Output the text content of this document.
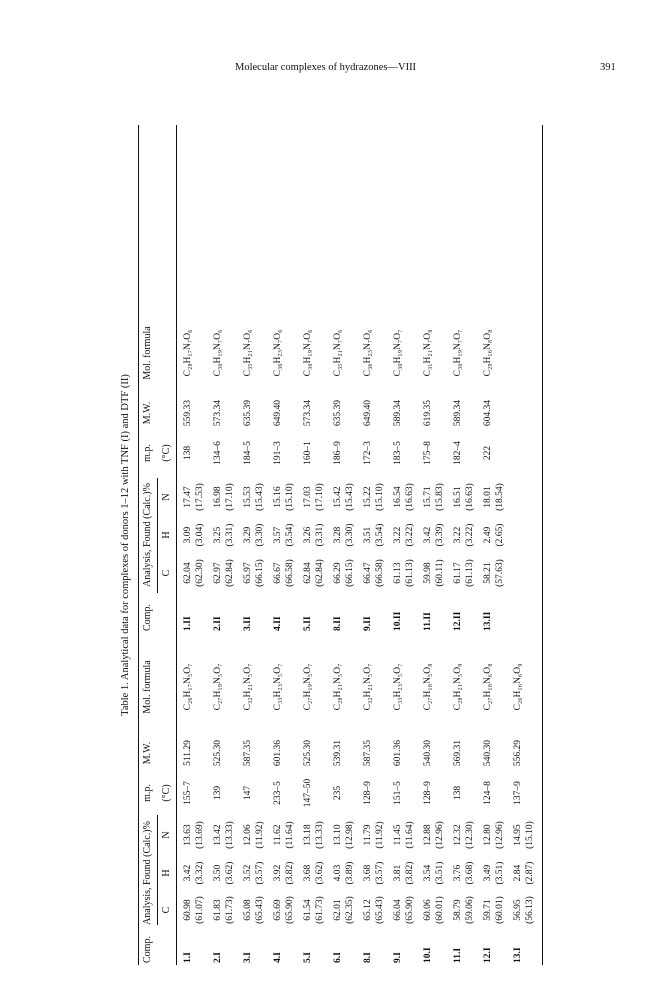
Molecular complexes of hydrazones—VIII	391
Table 1. Analytical data for complexes of donors 1–12 with TNF (I) and DTF (II)
Comp.
Analysis, Found (Calc.)%
m.p.
M.W.
Mol. formula
Comp.
Analysis, Found (Calc.)%
m.p.
M.W.
Mol. formula
C
H
N
(°C)
C
H
N
(°C)
1.I
60.98 (61.07)
3.42 (3.32)
13.63 (13.69)
155–7
511.29
C₂₆H₁₇N₅O₇
2.I
61.83 (61.73)
3.50 (3.62)
13.42 (13.33)
139
525.30
C₂₇H₁₉N₅O₇
3.I
65.08 (65.43)
3.52 (3.57)
12.06 (11.92)
147
587.35
C₃₂H₂₁N₅O₇
4.I
65.69 (65.90)
3.92 (3.82)
11.62 (11.64)
233–5
601.36
C₃₃H₂₃N₅O₇
5.I
61.54 (61.73)
3.68 (3.62)
13.18 (13.33)
147–50
525.30
C₂₇H₁₉N₅O₇
6.I
62.01 (62.35)
4.03 (3.89)
13.10 (12.98)
235
539.31
C₂₈H₂₁N₅O₇
8.I
65.12 (65.43)
3.68 (3.57)
11.79 (11.92)
128–9
587.35
C₃₂H₂₁N₅O₇
9.I
66.04 (65.90)
3.81 (3.82)
11.45 (11.64)
151–5
601.36
C₃₃H₂₃N₅O₇
10.I
60.06 (60.01)
3.54 (3.51)
12.88 (12.96)
128–9
540.30
C₂₇H₁₈N₅O₈
11.I
58.79 (59.06)
3.76 (3.68)
12.32 (12.30)
138
569.31
C₂₈H₂₁N₅O₉
12.I
59.71 (60.01)
3.49 (3.51)
12.80 (12.96)
124–8
540.30
C₂₇H₁₈N₆O₈
13.I
56.95 (56.13)
2.84 (2.87)
14.95 (15.10)
137–9
556.29
C₂₆H₁₆N₆O₉
1.II
62.04 (62.30)
3.09 (3.04)
17.47 (17.53)
138
559.33
C₂₈H₁₇N₇O₆
2.II
62.97 (62.84)
3.25 (3.31)
16.98 (17.10)
134–6
573.34
C₃₀H₁₉N₇O₆
3.II
65.97 (66.15)
3.29 (3.30)
15.53 (15.43)
184–5
635.39
C₃₅H₂₁N₇O₆
4.II
66.67 (66.58)
3.57 (3.54)
15.16 (15.10)
191–3
649.40
C₃₆H₂₃N₇O₆
5.II
62.84 (62.84)
3.26 (3.31)
17.03 (17.10)
160–1
573.34
C₃₀H₁₉N₇O₆
8.II
66.29 (66.15)
3.28 (3.30)
15.42 (15.43)
186–9
635.39
C₃₅H₂₁N₇O₆
9.II
66.47 (66.58)
3.51 (3.54)
15.22 (15.10)
172–3
649.40
C₃₆H₂₃N₇O₆
10.II
61.13 (61.13)
3.22 (3.22)
16.54 (16.63)
183–5
589.34
C₃₀H₁₉N₇O₇
11.II
59.98 (60.11)
3.42 (3.39)
15.71 (15.83)
175–8
619.35
C₃₁H₂₁N₇O₈
12.II
61.17 (61.13)
3.22 (3.22)
16.51 (16.63)
182–4
589.34
C₃₀H₁₉N₇O₇
13.II
58.21 (57.63)
2.49 (2.65)
18.01 (18.54)
222
604.34
C₂₉H₁₆N₈O₈
